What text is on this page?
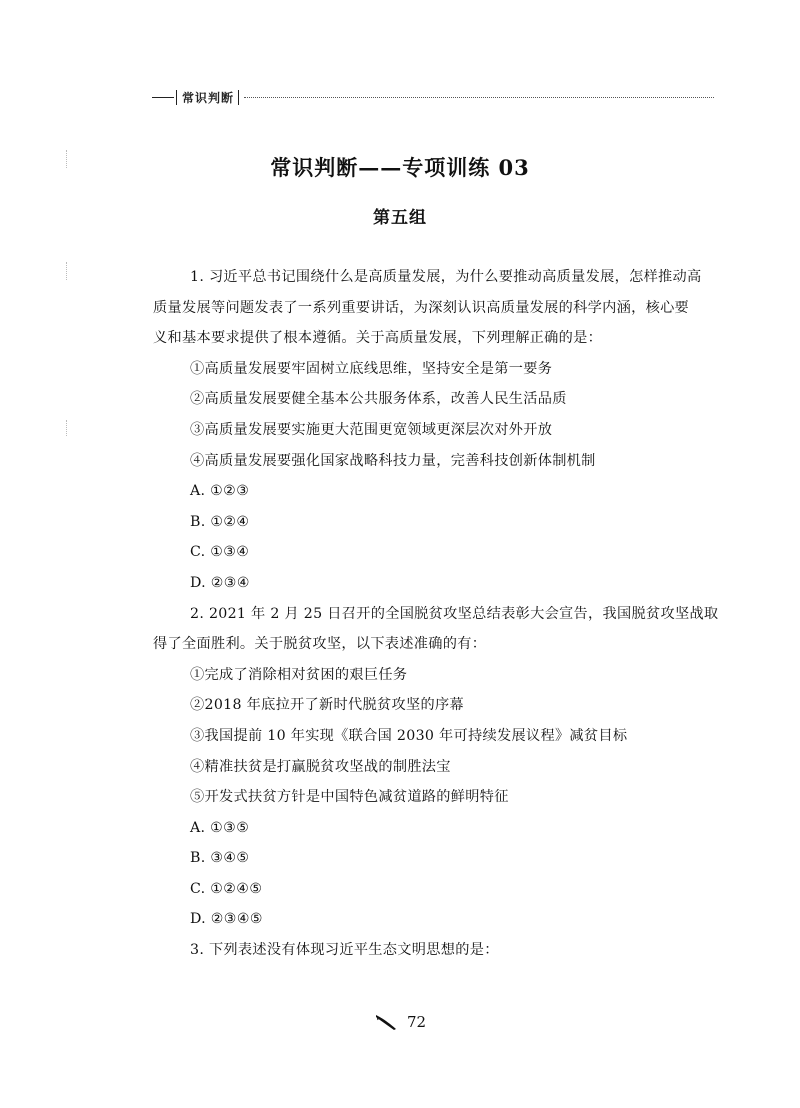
常识判断
常识判断——专项训练 03
第五组
1. 习近平总书记围绕什么是高质量发展，为什么要推动高质量发展，怎样推动高
质量发展等问题发表了一系列重要讲话，为深刻认识高质量发展的科学内涵，核心要
义和基本要求提供了根本遵循。关于高质量发展，下列理解正确的是：
①高质量发展要牢固树立底线思维，坚持安全是第一要务
②高质量发展要健全基本公共服务体系，改善人民生活品质
③高质量发展要实施更大范围更宽领域更深层次对外开放
④高质量发展要强化国家战略科技力量，完善科技创新体制机制
A. ①②③
B. ①②④
C. ①③④
D. ②③④
2. 2021 年 2 月 25 日召开的全国脱贫攻坚总结表彰大会宣告，我国脱贫攻坚战取
得了全面胜利。关于脱贫攻坚，以下表述准确的有：
①完成了消除相对贫困的艰巨任务
②2018 年底拉开了新时代脱贫攻坚的序幕
③我国提前 10 年实现《联合国 2030 年可持续发展议程》减贫目标
④精准扶贫是打赢脱贫攻坚战的制胜法宝
⑤开发式扶贫方针是中国特色减贫道路的鲜明特征
A. ①③⑤
B. ③④⑤
C. ①②④⑤
D. ②③④⑤
3. 下列表述没有体现习近平生态文明思想的是：
72
